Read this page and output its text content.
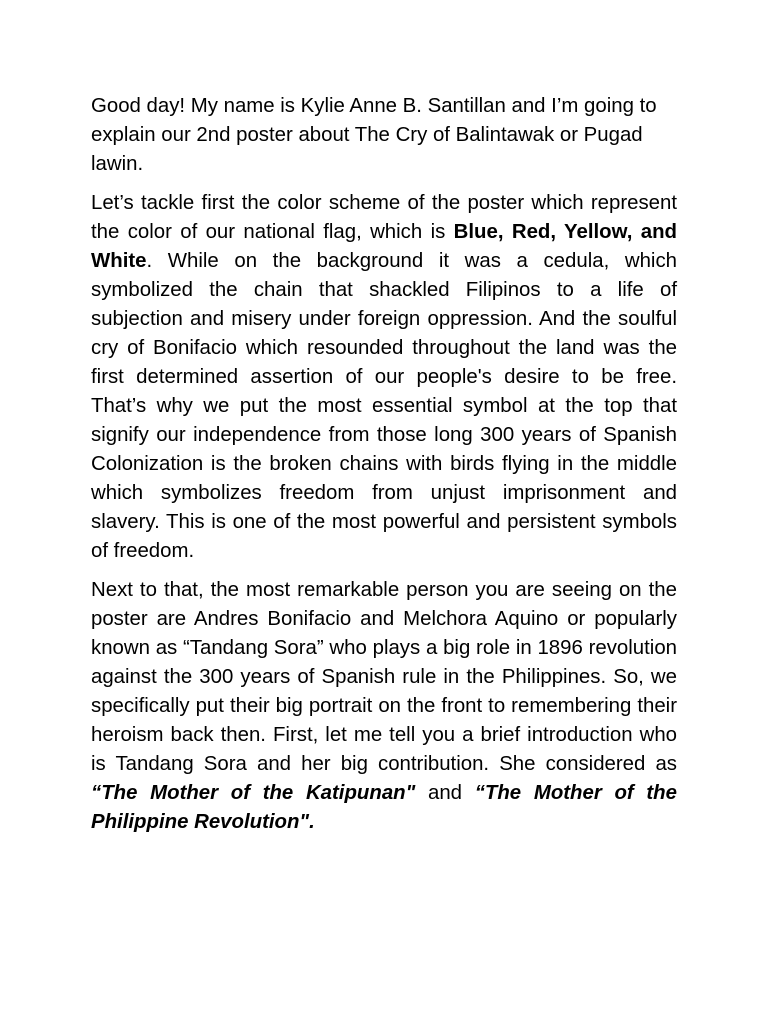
Good day! My name is Kylie Anne B. Santillan and I’m going to explain our 2nd poster about The Cry of Balintawak or Pugad lawin.

Let’s tackle first the color scheme of the poster which represent the color of our national flag, which is Blue, Red, Yellow, and White. While on the background it was a cedula, which symbolized the chain that shackled Filipinos to a life of subjection and misery under foreign oppression. And the soulful cry of Bonifacio which resounded throughout the land was the first determined assertion of our people's desire to be free. That’s why we put the most essential symbol at the top that signify our independence from those long 300 years of Spanish Colonization is the broken chains with birds flying in the middle which symbolizes freedom from unjust imprisonment and slavery. This is one of the most powerful and persistent symbols of freedom.

Next to that, the most remarkable person you are seeing on the poster are Andres Bonifacio and Melchora Aquino or popularly known as “Tandang Sora” who plays a big role in 1896 revolution against the 300 years of Spanish rule in the Philippines. So, we specifically put their big portrait on the front to remembering their heroism back then. First, let me tell you a brief introduction who is Tandang Sora and her big contribution. She considered as “The Mother of the Katipunan" and “The Mother of the Philippine Revolution".
